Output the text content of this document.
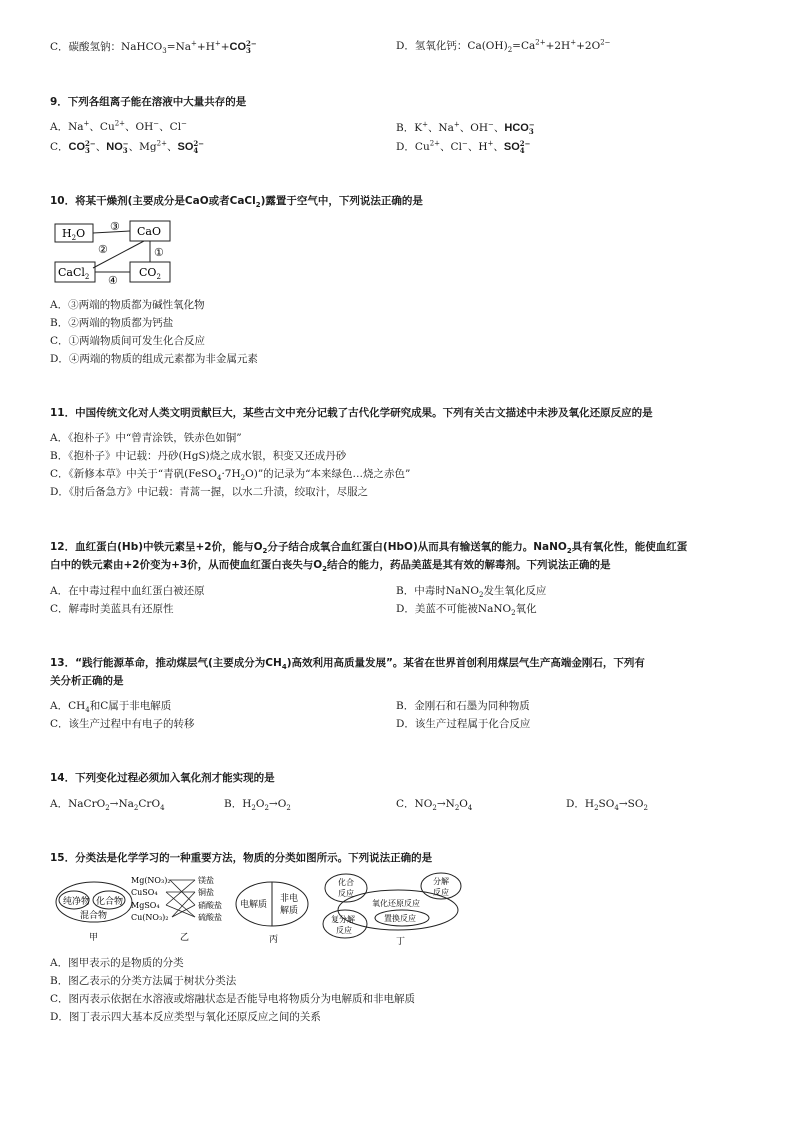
C．碳酸氢钠：NaHCO$_3$=Na++H++CO2−
3	D．氢氧化钙：$Ca(OH)_2=Ca^{2+}+2H^++2O^{2-}$
9．下列各组离子能在溶液中大量共存的是
A．Na+、$Cu^{2+}$、OH−、Cl−	B．K+、Na+、OH−、HCO−
3
C．CO2−
3 、NO−
3、$Mg^{2+}$、SO2−
4	D．$Cu^{2+}$、Cl−、H+、SO2−
4
10．将某干燥剂(主要成分是CaO或者CaCl$_2$)露置于空气中，下列说法正确的是
$H_2O$	CaO
CaCl$_2$	$CO_2$
③
②	①
④
A．③两端的物质都为碱性氧化物
B．②两端的物质都为钙盐
C．①两端物质间可发生化合反应
D．④两端的物质的组成元素都为非金属元素
11．中国传统文化对人类文明贡献巨大，某些古文中充分记载了古代化学研究成果。下列有关古文描述中未涉及氧化还原反应的是
A．《抱朴子》中“曾青涂铁，铁赤色如铜”
B．《抱朴子》中记载：丹砂(HgS)烧之成水银，积变又还成丹砂
C．《新修本草》中关于“青矾$(FeSO_4\cdot 7H_2O)$”的记录为“本来绿色…烧之赤色”
D．《肘后备急方》中记载：青蒿一握，以水二升渍，绞取汁，尽服之
12．血红蛋白(Hb)中铁元素呈+2价，能与$O_2$分子结合成氧合血红蛋白(HbO)从而具有输送氧的能力。NaNO$_2$具有氧化性，能使血红蛋
白中的铁元素由+2价变为+3价，从而使血红蛋白丧失与$O_2$结合的能力，药品美蓝是其有效的解毒剂。下列说法正确的是
A．在中毒过程中血红蛋白被还原	B．中毒时NaNO$_2$发生氧化反应
C．解毒时美蓝具有还原性	D．美蓝不可能被NaNO$_2$氧化
13．“践行能源革命，推动煤层气(主要成分为$CH_4$)高效利用高质量发展”。某省在世界首创利用煤层气生产高端金刚石，下列有
关分析正确的是
A．$CH_4$和C属于非电解质	B．金刚石和石墨为同种物质
C．该生产过程中有电子的转移	D．该生产过程属于化合反应
14．下列变化过程必须加入氧化剂才能实现的是
A．$NaCrO_2\to Na_2CrO_4$	B．$H_2O_2\to O_2$	C．$NO_2\to N_2O_4$	D．$H_2SO_4\to SO_2$
15．分类法是化学学习的一种重要方法，物质的分类如图所示。下列说法正确的是
纯净物 化合物
混合物
甲
Mg(NO₃)₂
CuSO₄
MgSO₄
Cu(NO₃)₂
镁盐
铜盐
硝酸盐
硫酸盐
乙
电解质
非电
解质
丙
化合
反应
分解
反应
氧化还原反应
置换反应
复分解
反应
丁
A．图甲表示的是物质的分类
B．图乙表示的分类方法属于树状分类法
C．图丙表示依据在水溶液或熔融状态是否能导电将物质分为电解质和非电解质
D．图丁表示四大基本反应类型与氧化还原反应之间的关系
